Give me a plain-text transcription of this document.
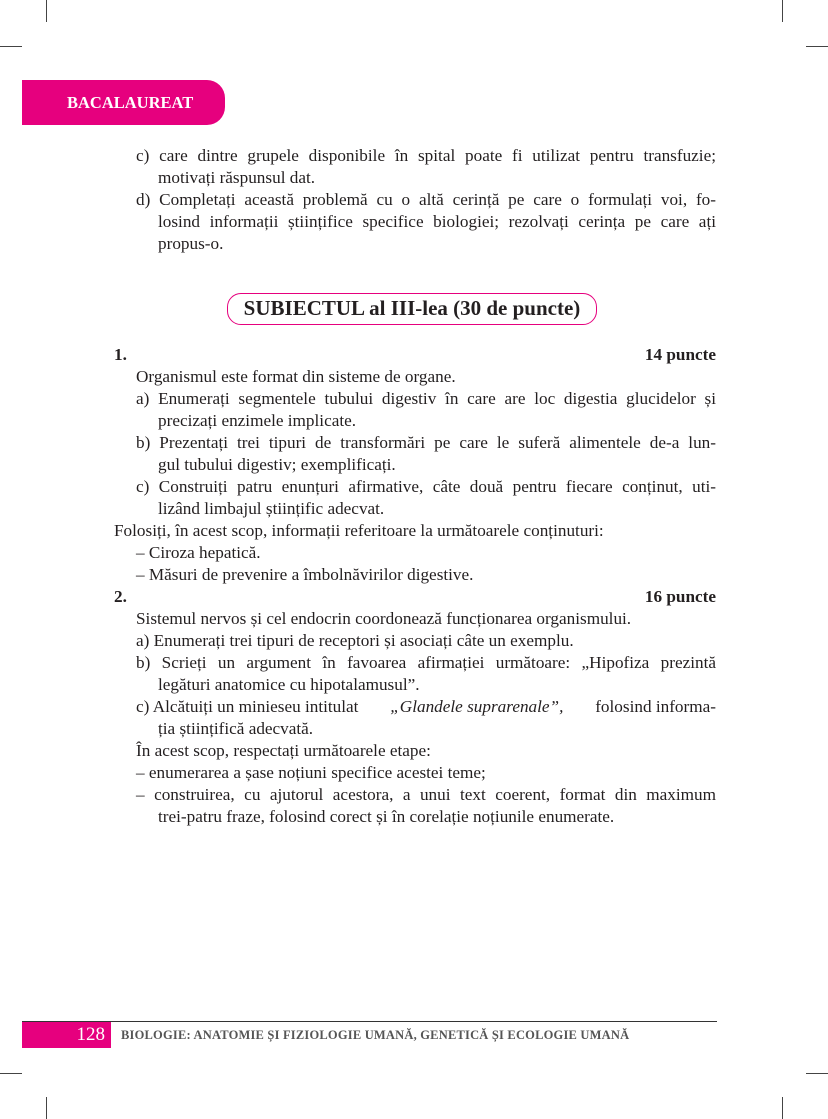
BACALAUREAT
c) care dintre grupele disponibile în spital poate fi utilizat pentru transfuzie;
motivați răspunsul dat.
d) Completați această problemă cu o altă cerință pe care o formulați voi, fo-
losind informații științifice specifice biologiei; rezolvați cerința pe care ați
propus-o.
SUBIECTUL al III-lea (30 de puncte)
1.	14 puncte
Organismul este format din sisteme de organe.
a) Enumerați segmentele tubului digestiv în care are loc digestia glucidelor și
precizați enzimele implicate.
b) Prezentați trei tipuri de transformări pe care le suferă alimentele de-a lun-
gul tubului digestiv; exemplificați.
c) Construiți patru enunțuri afirmative, câte două pentru fiecare conținut, uti-
lizând limbajul științific adecvat.
Folosiți, în acest scop, informații referitoare la următoarele conținuturi:
– Ciroza hepatică.
– Măsuri de prevenire a îmbolnăvirilor digestive.
2.	16 puncte
Sistemul nervos și cel endocrin coordonează funcționarea organismului.
a) Enumerați trei tipuri de receptori și asociați câte un exemplu.
b) Scrieți un argument în favoarea afirmației următoare: „Hipofiza prezintă
legături anatomice cu hipotalamusul”.
c) Alcătuiți un minieseu intitulat „Glandele suprarenale”, folosind informa-
ția științifică adecvată.
În acest scop, respectați următoarele etape:
– enumerarea a șase noțiuni specifice acestei teme;
– construirea, cu ajutorul acestora, a unui text coerent, format din maximum
trei-patru fraze, folosind corect și în corelație noțiunile enumerate.
128	BIOLOGIE: ANATOMIE ȘI FIZIOLOGIE UMANĂ, GENETICĂ ȘI ECOLOGIE UMANĂ
